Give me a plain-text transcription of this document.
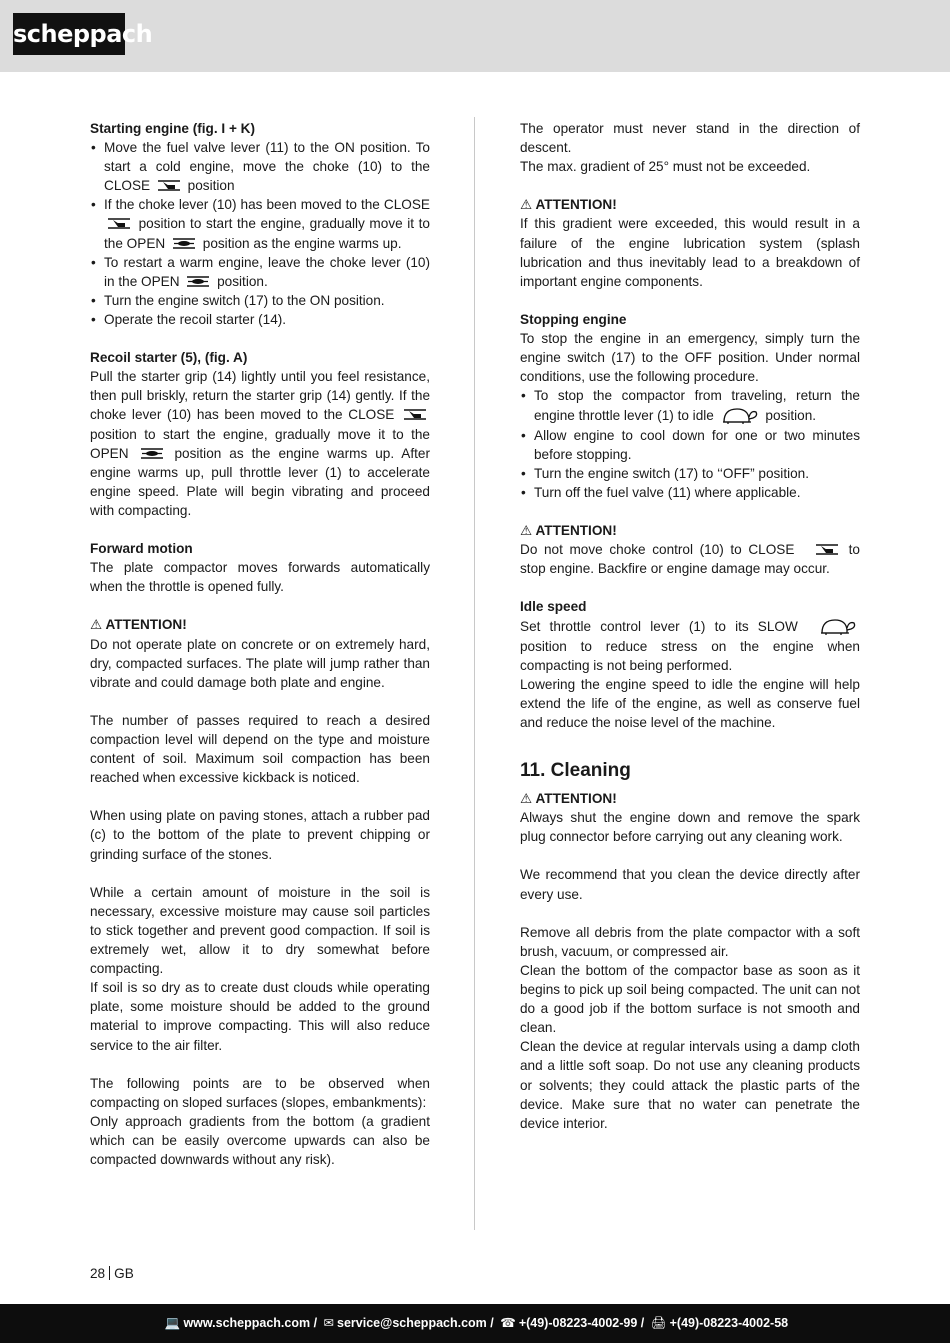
scheppach
Starting engine (fig. I + K)
• Move the fuel valve lever (11) to the ON position. To start a cold engine, move the choke (10) to the CLOSE	position
• If the choke lever (10) has been moved to the CLOSE  position to start the engine, gradually move it to the OPEN	position as the engine warms up.
• To restart a warm engine, leave the choke lever (10) in the OPEN	position.
• Turn the engine switch (17) to the ON position.
• Operate the recoil starter (14).
Recoil starter (5), (fig. A)

Pull the starter grip (14) lightly until you feel resistance, then pull briskly, return the starter grip (14) gently. If the choke lever (10) has been moved to the CLOSE  position to start the engine, gradually move it to the OPEN	position as the engine warms up. After engine warms up, pull throttle lever (1) to accelerate engine speed. Plate will begin vibrating and proceed with compacting.

Forward motion

The plate compactor moves forwards automatically when the throttle is opened fully.

⚠ ATTENTION!

Do not operate plate on concrete or on extremely hard, dry, compacted surfaces. The plate will jump rather than vibrate and could damage both plate and engine.

The number of passes required to reach a desired compaction level will depend on the type and moisture content of soil. Maximum soil compaction has been reached when excessive kickback is noticed.

When using plate on paving stones, attach a rubber pad (c) to the bottom of the plate to prevent chipping or grinding surface of the stones.

While a certain amount of moisture in the soil is necessary, excessive moisture may cause soil particles to stick together and prevent good compaction. If soil is extremely wet, allow it to dry somewhat before compacting.

If soil is so dry as to create dust clouds while operating plate, some moisture should be added to the ground material to improve compacting. This will also reduce service to the air filter.

The following points are to be observed when compacting on sloped surfaces (slopes, embankments):

Only approach gradients from the bottom (a gradient which can be easily overcome upwards can also be compacted downwards without any risk).

The operator must never stand in the direction of descent.

The max. gradient of 25° must not be exceeded.

⚠ ATTENTION!

If this gradient were exceeded, this would result in a failure of the engine lubrication system (splash lubrication and thus inevitably lead to a breakdown of important engine components.

Stopping engine

To stop the engine in an emergency, simply turn the engine switch (17) to the OFF position. Under normal conditions, use the following procedure.

• To stop the compactor from traveling, return the engine throttle lever (1) to idle	position.
• Allow engine to cool down for one or two minutes before stopping.
• Turn the engine switch (17) to ‘‘OFF” position.
• Turn off the fuel valve (11) where applicable.
⚠ ATTENTION!

Do not move choke control (10) to CLOSE	to stop engine. Backfire or engine damage may occur.

Idle speed

Set throttle control lever (1) to its SLOW  position to reduce stress on the engine when compacting is not being performed.

Lowering the engine speed to idle the engine will help extend the life of the engine, as well as conserve fuel and reduce the noise level of the machine.

11. Cleaning
⚠ ATTENTION!

Always shut the engine down and remove the spark plug connector before carrying out any cleaning work.

We recommend that you clean the device directly after every use.

Remove all debris from the plate compactor with a soft brush, vacuum, or compressed air.

Clean the bottom of the compactor base as soon as it begins to pick up soil being compacted. The unit can not do a good job if the bottom surface is not smooth and clean.

Clean the device at regular intervals using a damp cloth and a little soft soap. Do not use any cleaning products or solvents; they could attack the plastic parts of the device. Make sure that no water can penetrate the device interior.

28 GB
💻 www.scheppach.com / ✉ service@scheppach.com / ☎ +(49)-08223-4002-99 / 🖨 +(49)-08223-4002-58
